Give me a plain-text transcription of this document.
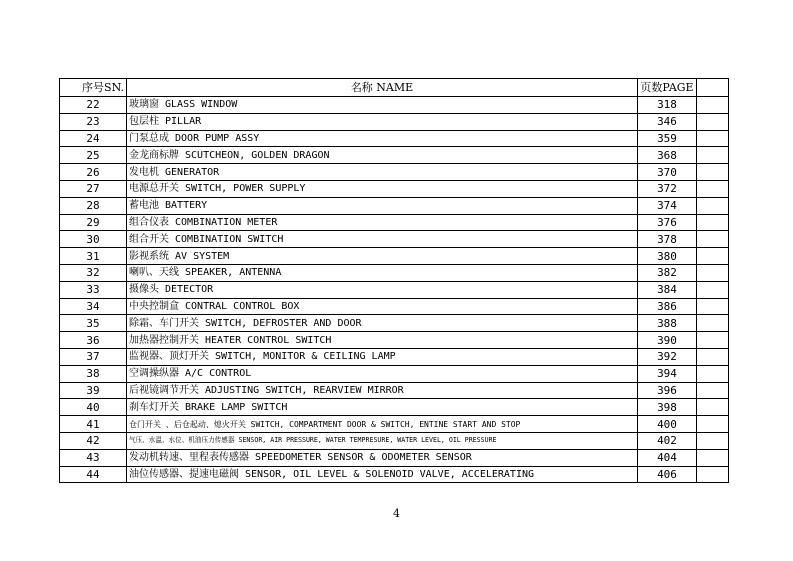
序号SN.	名称 NAME	页数PAGE	
22	玻璃窗 GLASS WINDOW	318	
23	包层柱 PILLAR	346	
24	门泵总成 DOOR PUMP ASSY	359	
25	金龙商标牌 SCUTCHEON, GOLDEN DRAGON	368	
26	发电机 GENERATOR	370	
27	电源总开关 SWITCH, POWER SUPPLY	372	
28	蓄电池 BATTERY	374	
29	组合仪表 COMBINATION METER	376	
30	组合开关 COMBINATION SWITCH	378	
31	影视系统 AV SYSTEM	380	
32	喇叭、天线 SPEAKER, ANTENNA	382	
33	摄像头 DETECTOR	384	
34	中央控制盒 CONTRAL CONTROL BOX	386	
35	除霜、车门开关 SWITCH, DEFROSTER AND DOOR	388	
36	加热器控制开关 HEATER CONTROL SWITCH	390	
37	监视器、顶灯开关 SWITCH, MONITOR & CEILING LAMP	392	
38	空调操纵器 A/C CONTROL	394	
39	后视镜调节开关 ADJUSTING SWITCH, REARVIEW MIRROR	396	
40	刹车灯开关 BRAKE LAMP SWITCH	398	
41	仓门开关 、后仓起动、熄火开关 SWITCH, COMPARTMENT DOOR & SWITCH, ENTINE START AND STOP	400	
42	气压、水温、水位、机油压力传感器 SENSOR, AIR PRESSURE, WATER TEMPRESURE, WATER LEVEL, OIL PRESSURE	402	
43	发动机转速、里程表传感器 SPEEDOMETER SENSOR & ODOMETER SENSOR	404	
44	油位传感器、提速电磁阀 SENSOR, OIL LEVEL & SOLENOID VALVE, ACCELERATING	406	
4
